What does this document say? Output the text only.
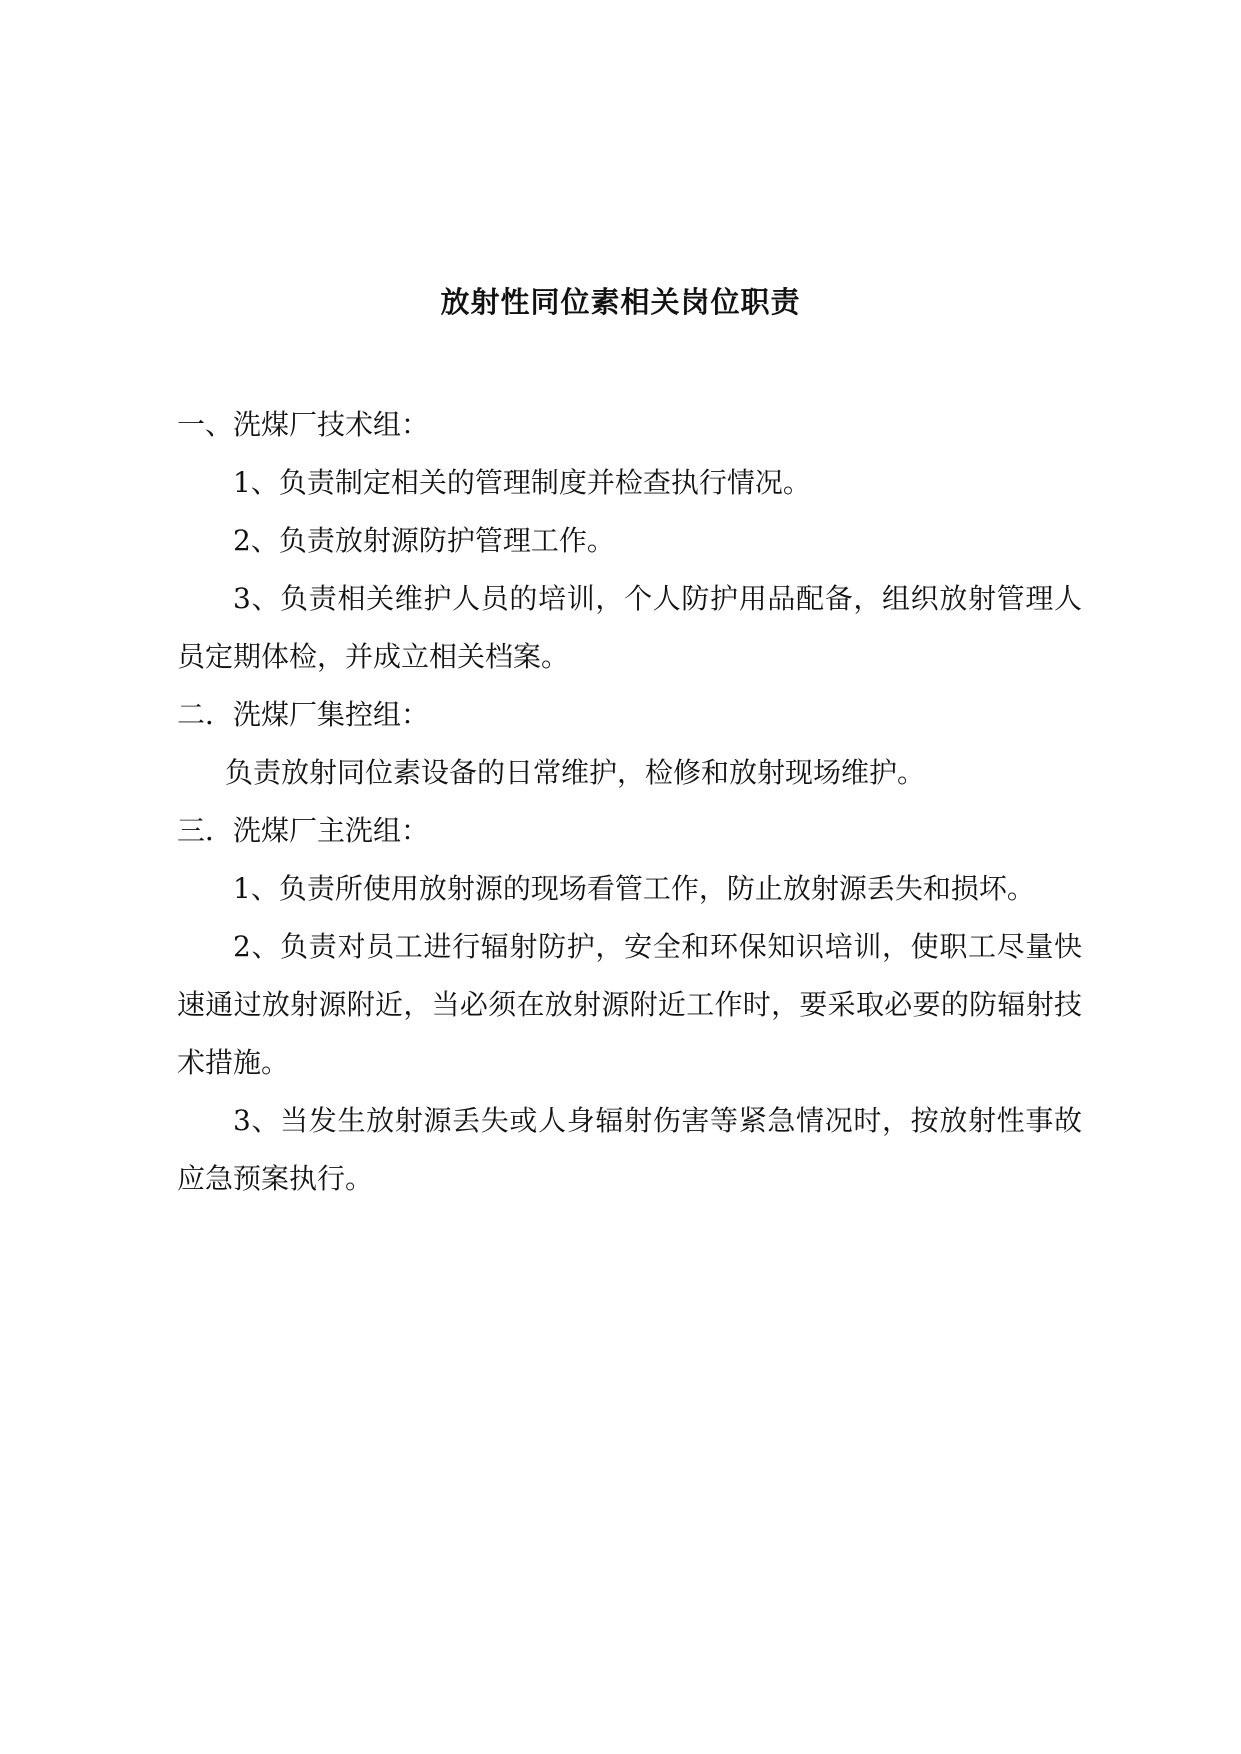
放射性同位素相关岗位职责

一、洗煤厂技术组：

1、负责制定相关的管理制度并检查执行情况。

2、负责放射源防护管理工作。

3、负责相关维护人员的培训，个人防护用品配备，组织放射管理人员定期体检，并成立相关档案。

二．洗煤厂集控组：

负责放射同位素设备的日常维护，检修和放射现场维护。

三．洗煤厂主洗组：

1、负责所使用放射源的现场看管工作，防止放射源丢失和损坏。

2、负责对员工进行辐射防护，安全和环保知识培训，使职工尽量快速通过放射源附近，当必须在放射源附近工作时，要采取必要的防辐射技术措施。

3、当发生放射源丢失或人身辐射伤害等紧急情况时，按放射性事故应急预案执行。
